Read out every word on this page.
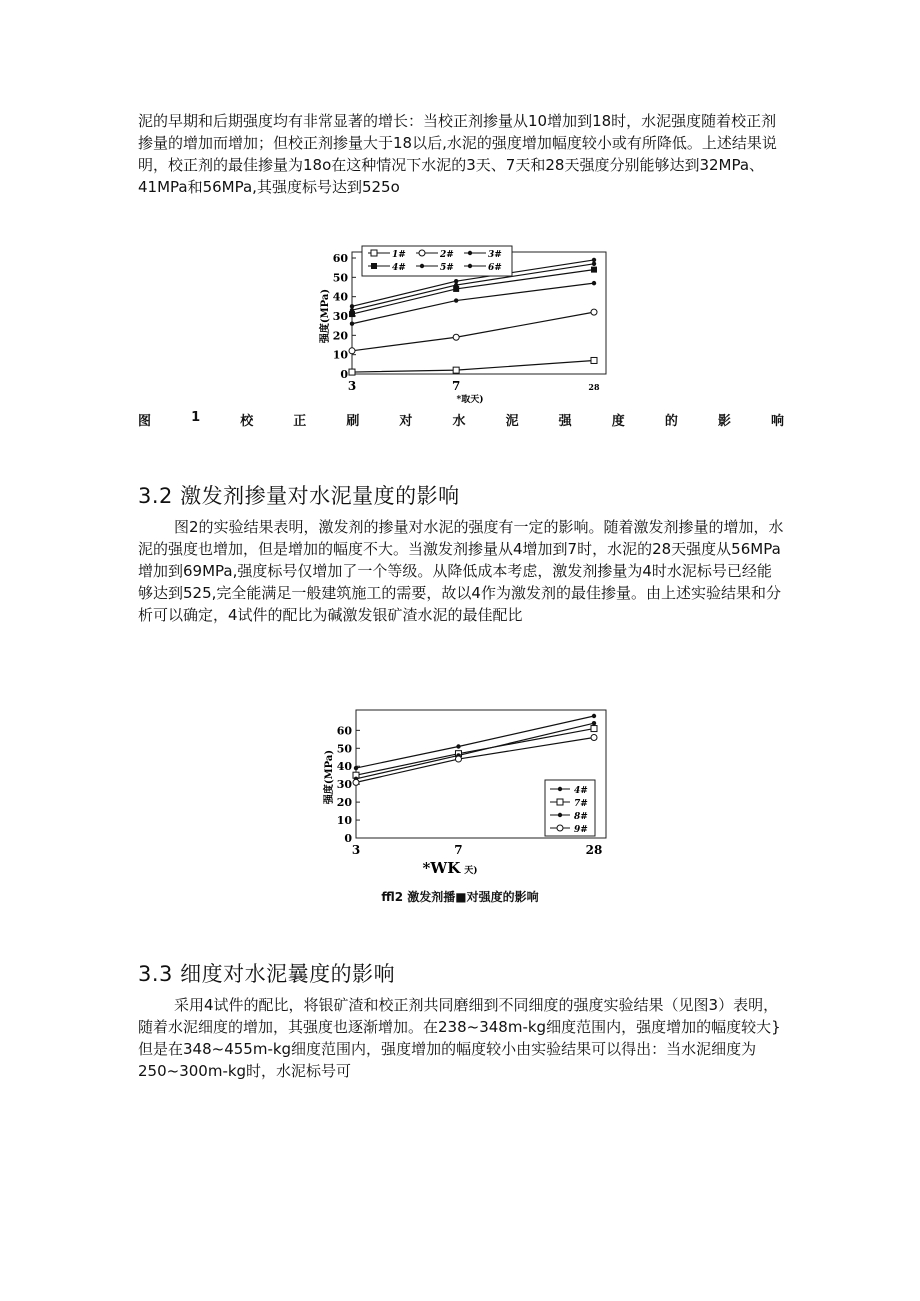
泥的早期和后期强度均有非常显著的增长：当校正剂掺量从10增加到18时，水泥强度随着校正剂掺量的增加而增加；但校正剂掺量大于18以后,水泥的强度增加幅度较小或有所降低。上述结果说明，校正剂的最佳掺量为18o在这种情况下水泥的3天、7天和28天强度分别能够达到32MPa、41MPa和56MPa,其强度标号达到525o

0
10
20
30
40
50
60
3	7	28
强度(MPa)
1#	2#	3#
4#	5#	6#
*取天)
图	1	校	正	刷	对	水	泥	强	度	的	影	响
3.2 激发剂掺量对水泥量度的影响

图2的实验结果表明，激发剂的掺量对水泥的强度有一定的影响。随着激发剂掺量的增加，水泥的强度也增加，但是增加的幅度不大。当激发剂掺量从4增加到7时，水泥的28天强度从56MPa增加到69MPa,强度标号仅增加了一个等级。从降低成本考虑，激发剂掺量为4时水泥标号已经能够达到525,完全能满足一般建筑施工的需要，故以4作为激发剂的最佳掺量。由上述实验结果和分析可以确定，4试件的配比为碱激发银矿渣水泥的最佳配比

0
10
20
30
40
50
60
3	7	28
强度(MPa)	4#
7#
8#
9#
*WK 天)
ffl2 激发剂播■对强度的影响
3.3 细度对水泥曩度的影响

采用4试件的配比，将银矿渣和校正剂共同磨细到不同细度的强度实验结果（见图3）表明，随着水泥细度的增加，其强度也逐渐增加。在238~348m-kg细度范围内，强度增加的幅度较大}但是在348~455m-kg细度范围内，强度增加的幅度较小由实验结果可以得出：当水泥细度为250~300m-kg时，水泥标号可
